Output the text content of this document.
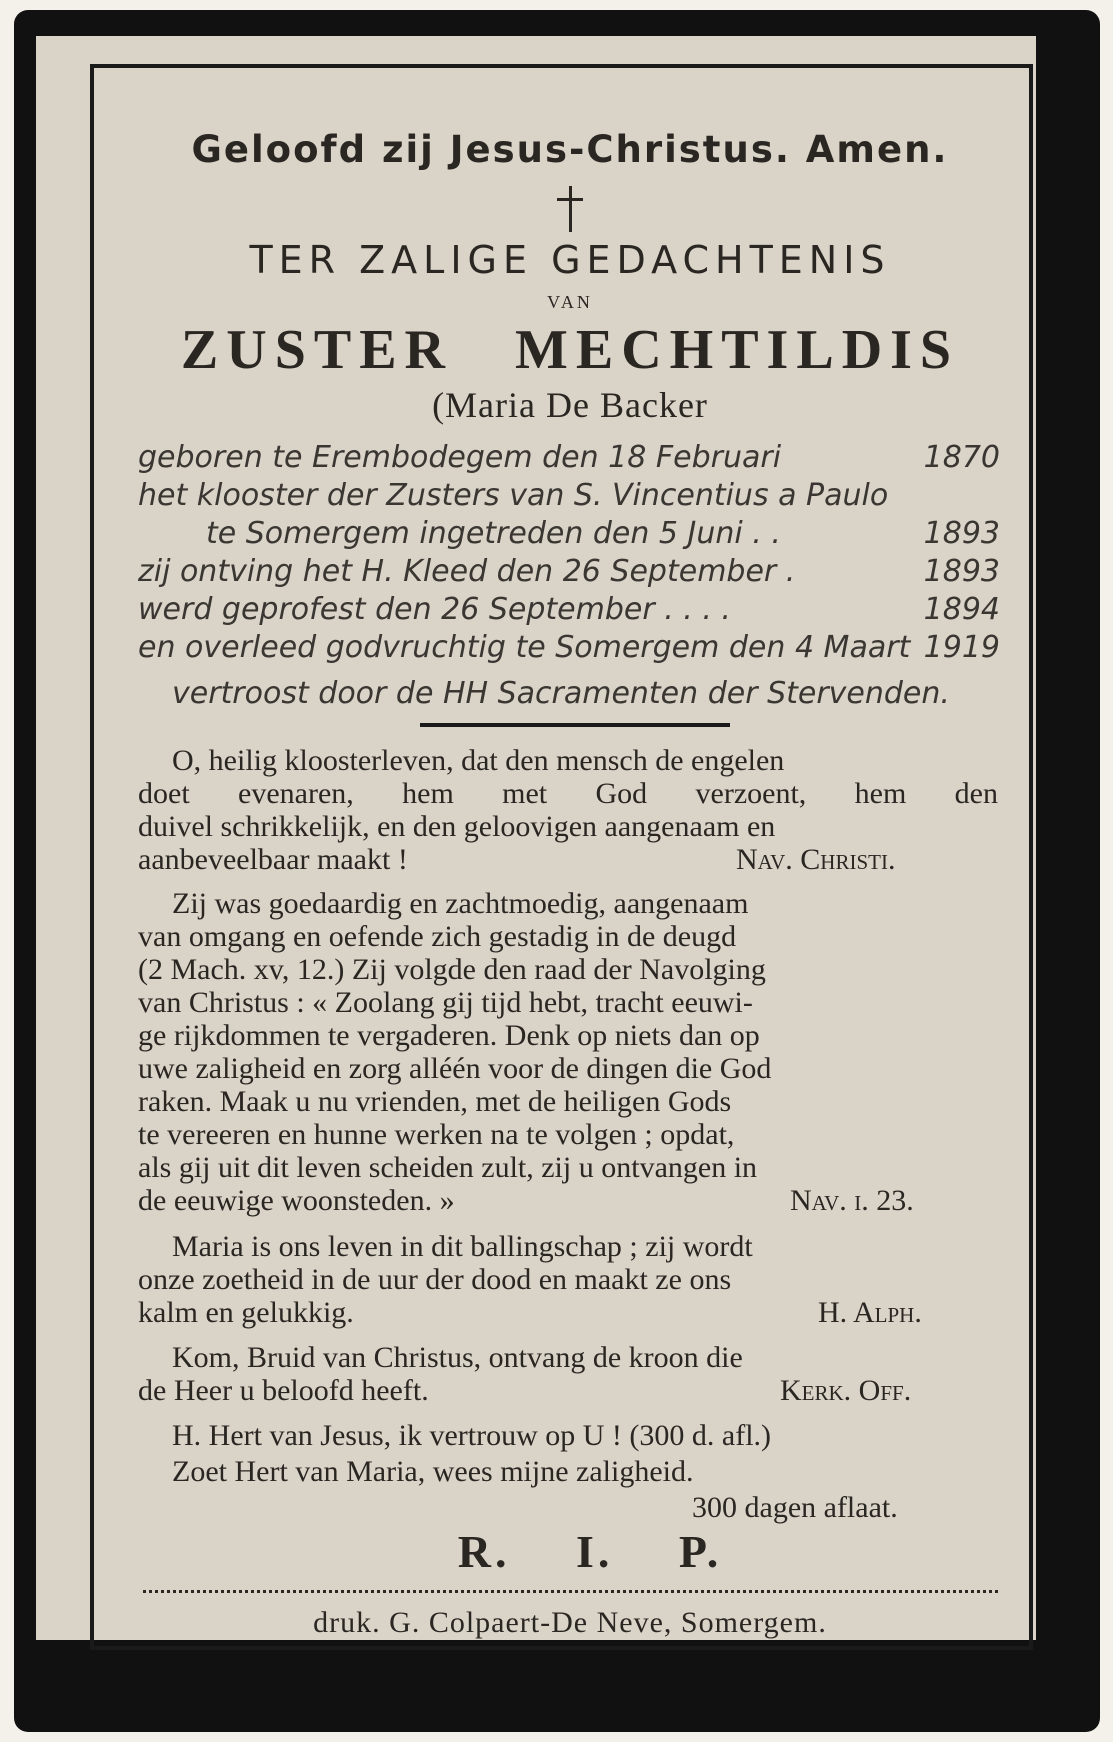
Geloofd zij Jesus-Christus. Amen.
TER ZALIGE GEDACHTENIS
VAN
ZUSTER MECHTILDIS
(Maria De Backer
geboren te Erembodegem den 18 Februari	1870
het klooster der Zusters van S. Vincentius a Paulo
te Somergem ingetreden den 5 Juni . .	1893
zij ontving het H. Kleed den 26 September .	1893
werd geprofest den 26 September . . . .	1894
en overleed godvruchtig te Somergem den 4 Maart 1919
vertroost door de HH Sacramenten der Stervenden.
O, heilig kloosterleven, dat den mensch de engelen
doet evenaren, hem met God verzoent, hem den
duivel schrikkelijk, en den geloovigen aangenaam en
aanbeveelbaar maakt !	Nav. Christi.
Zij was goedaardig en zachtmoedig, aangenaam
van omgang en oefende zich gestadig in de deugd
(2 Mach. xv, 12.) Zij volgde den raad der Navolging
van Christus : « Zoolang gij tijd hebt, tracht eeuwi-
ge rijkdommen te vergaderen. Denk op niets dan op
uwe zaligheid en zorg alléén voor de dingen die God
raken. Maak u nu vrienden, met de heiligen Gods
te vereeren en hunne werken na te volgen ; opdat,
als gij uit dit leven scheiden zult, zij u ontvangen in
de eeuwige woonsteden. »	Nav. i. 23.
Maria is ons leven in dit ballingschap ; zij wordt
onze zoetheid in de uur der dood en maakt ze ons
kalm en gelukkig.	H. Alph.
Kom, Bruid van Christus, ontvang de kroon die
de Heer u beloofd heeft.	Kerk. Off.
H. Hert van Jesus, ik vertrouw op U ! (300 d. afl.)
Zoet Hert van Maria, wees mijne zaligheid.
300 dagen aflaat.
R. I. P.
druk. G. Colpaert-De Neve, Somergem.
